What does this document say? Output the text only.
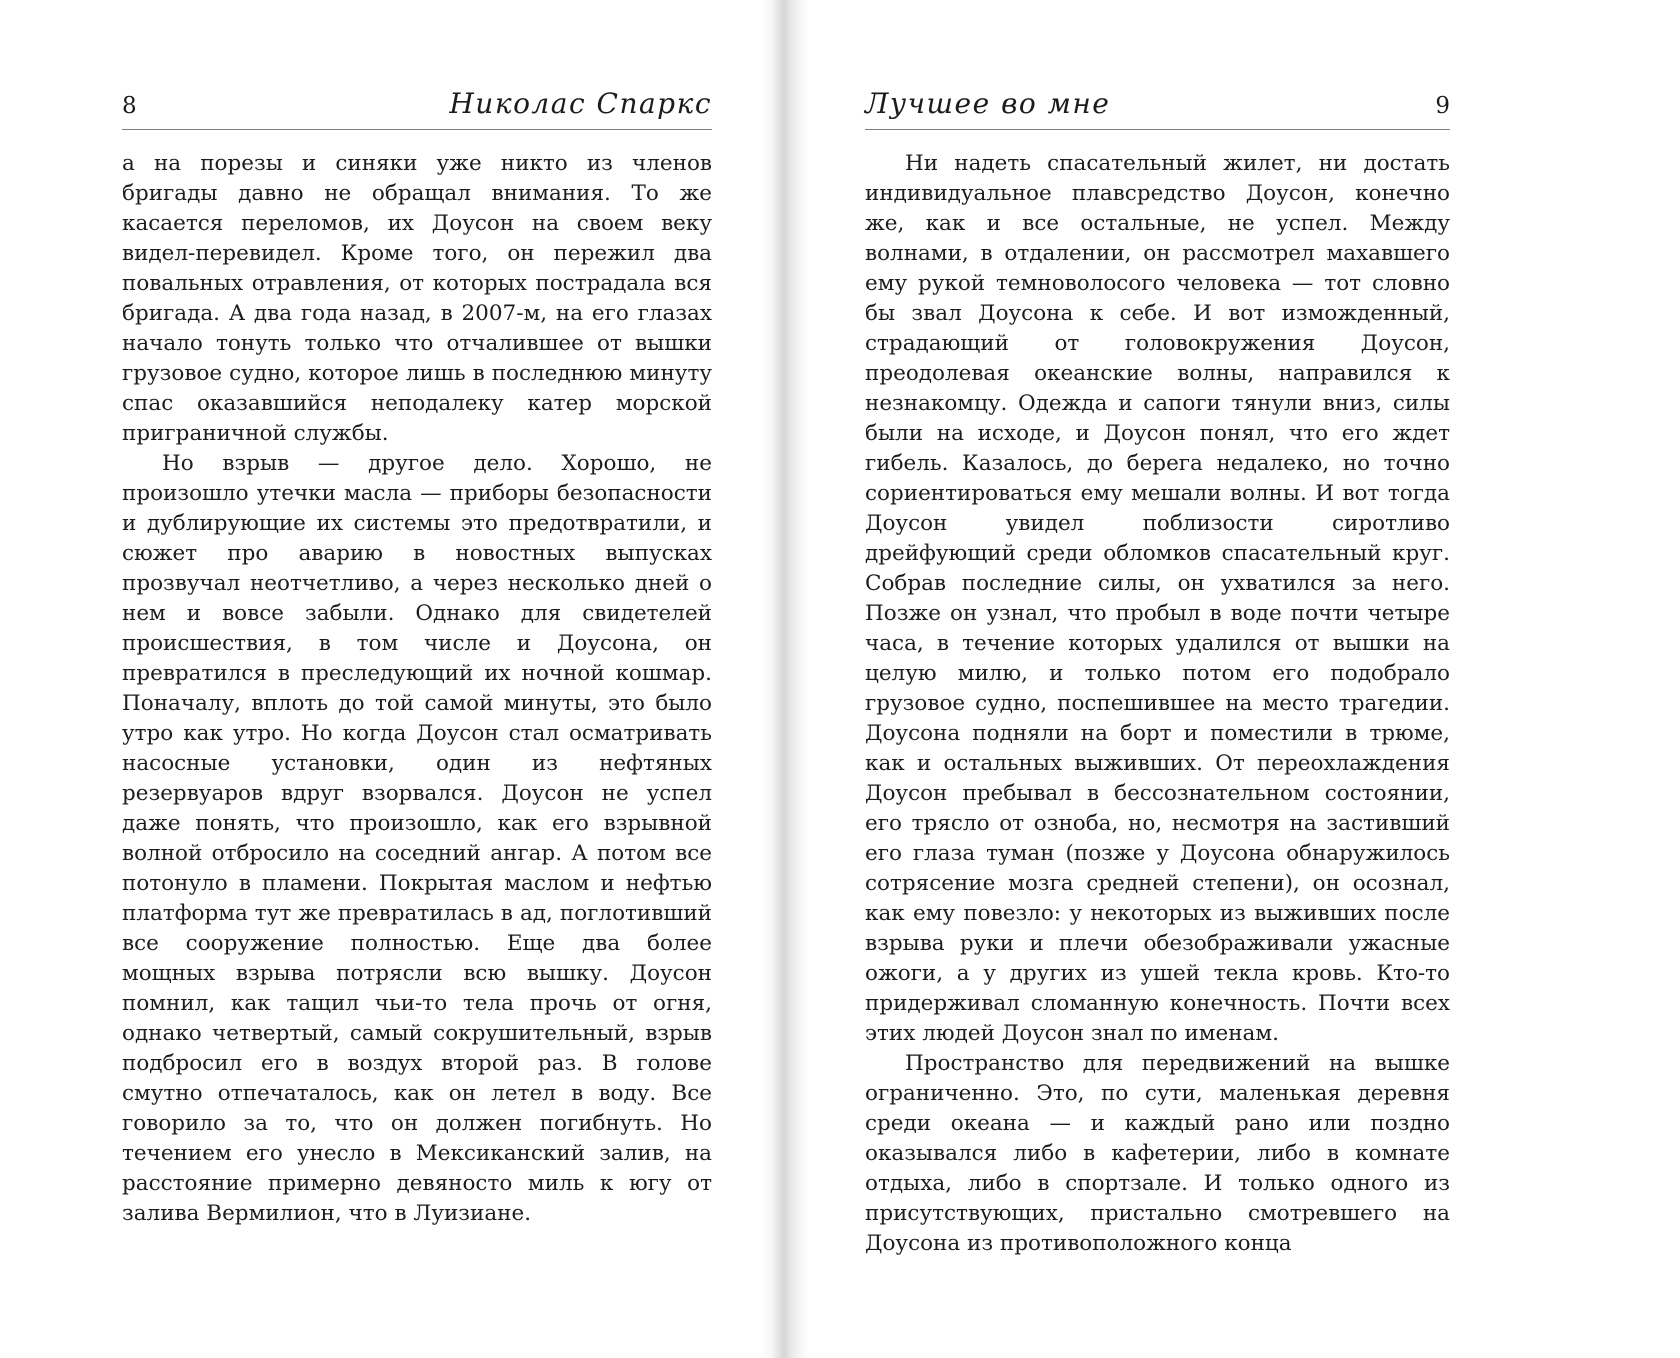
8	Николас Спаркс

а на порезы и синяки уже никто из членов бригады давно не обращал внимания. То же касается переломов, их Доусон на своем веку видел-перевидел. Кроме того, он пережил два повальных отравления, от которых пострадала вся бригада. А два года назад, в 2007-м, на его глазах начало тонуть только что отчалившее от вышки грузовое судно, которое лишь в последнюю минуту спас оказавшийся неподалеку катер морской приграничной службы.

Но взрыв — другое дело. Хорошо, не произошло утечки масла — приборы безопасности и дублирующие их системы это предотвратили, и сюжет про аварию в новостных выпусках прозвучал неотчетливо, а через несколько дней о нем и вовсе забыли. Однако для свидетелей происшествия, в том числе и Доусона, он превратился в преследующий их ночной кошмар. Поначалу, вплоть до той самой минуты, это было утро как утро. Но когда Доусон стал осматривать насосные установки, один из нефтяных резервуаров вдруг взорвался. Доусон не успел даже понять, что произошло, как его взрывной волной отбросило на соседний ангар. А потом все потонуло в пламени. Покрытая маслом и нефтью платформа тут же превратилась в ад, поглотивший все сооружение полностью. Еще два более мощных взрыва потрясли всю вышку. Доусон помнил, как тащил чьи-то тела прочь от огня, однако четвертый, самый сокрушительный, взрыв подбросил его в воздух второй раз. В голове смутно отпечаталось, как он летел в воду. Все говорило за то, что он должен погибнуть. Но течением его унесло в Мексиканский залив, на расстояние примерно девяносто миль к югу от залива Вермилион, что в Луизиане.

Лучшее во мне	9

Ни надеть спасательный жилет, ни достать индивидуальное плавсредство Доусон, конечно же, как и все остальные, не успел. Между волнами, в отдалении, он рассмотрел махавшего ему рукой темноволосого человека — тот словно бы звал Доусона к себе. И вот изможденный, страдающий от головокружения Доусон, преодолевая океанские волны, направился к незнакомцу. Одежда и сапоги тянули вниз, силы были на исходе, и Доусон понял, что его ждет гибель. Казалось, до берега недалеко, но точно сориентироваться ему мешали волны. И вот тогда Доусон увидел поблизости сиротливо дрейфующий среди обломков спасательный круг. Собрав последние силы, он ухватился за него. Позже он узнал, что пробыл в воде почти четыре часа, в течение которых удалился от вышки на целую милю, и только потом его подобрало грузовое судно, поспешившее на место трагедии. Доусона подняли на борт и поместили в трюме, как и остальных выживших. От переохлаждения Доусон пребывал в бессознательном состоянии, его трясло от озноба, но, несмотря на застивший его глаза туман (позже у Доусона обнаружилось сотрясение мозга средней степени), он осознал, как ему повезло: у некоторых из выживших после взрыва руки и плечи обезображивали ужасные ожоги, а у других из ушей текла кровь. Кто-то придерживал сломанную конечность. Почти всех этих людей Доусон знал по именам.

Пространство для передвижений на вышке ограниченно. Это, по сути, маленькая деревня среди океана — и каждый рано или поздно оказывался либо в кафетерии, либо в комнате отдыха, либо в спортзале. И только одного из присутствующих, пристально смотревшего на Доусона из противоположного конца
